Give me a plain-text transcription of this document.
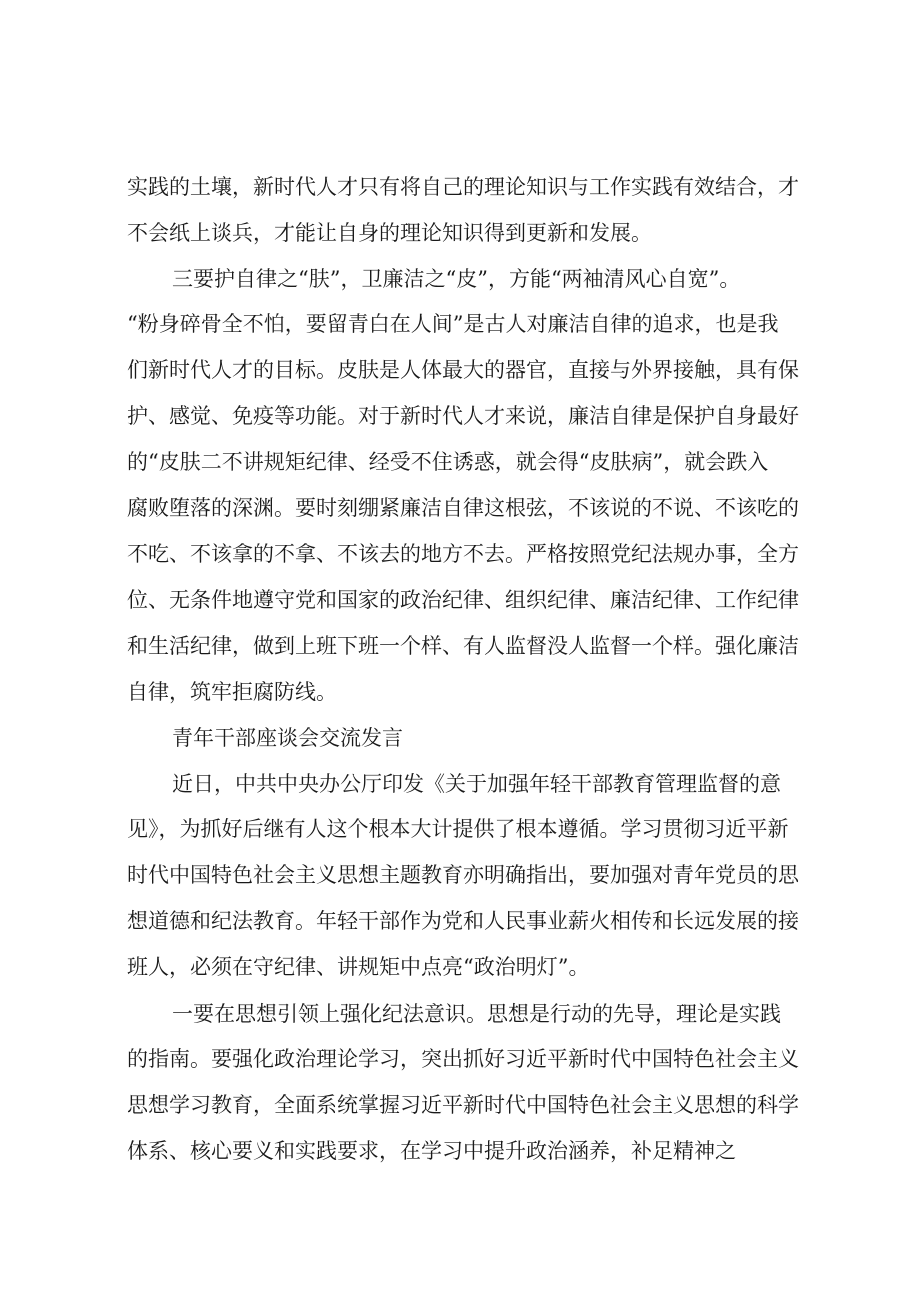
实践的土壤，新时代人才只有将自己的理论知识与工作实践有效结合，才
不会纸上谈兵，才能让自身的理论知识得到更新和发展。
三要护自律之“肤”，卫廉洁之“皮”，方能“两袖清风心自宽”。
“粉身碎骨全不怕，要留青白在人间”是古人对廉洁自律的追求，也是我
们新时代人才的目标。皮肤是人体最大的器官，直接与外界接触，具有保
护、感觉、免疫等功能。对于新时代人才来说，廉洁自律是保护自身最好
的“皮肤二不讲规矩纪律、经受不住诱惑，就会得“皮肤病”，就会跌入
腐败堕落的深渊。要时刻绷紧廉洁自律这根弦，不该说的不说、不该吃的
不吃、不该拿的不拿、不该去的地方不去。严格按照党纪法规办事，全方
位、无条件地遵守党和国家的政治纪律、组织纪律、廉洁纪律、工作纪律
和生活纪律，做到上班下班一个样、有人监督没人监督一个样。强化廉洁
自律，筑牢拒腐防线。
青年干部座谈会交流发言
近日，中共中央办公厅印发《关于加强年轻干部教育管理监督的意
见》，为抓好后继有人这个根本大计提供了根本遵循。学习贯彻习近平新
时代中国特色社会主义思想主题教育亦明确指出，要加强对青年党员的思
想道德和纪法教育。年轻干部作为党和人民事业薪火相传和长远发展的接
班人，必须在守纪律、讲规矩中点亮“政治明灯”。
一要在思想引领上强化纪法意识。思想是行动的先导，理论是实践
的指南。要强化政治理论学习，突出抓好习近平新时代中国特色社会主义
思想学习教育，全面系统掌握习近平新时代中国特色社会主义思想的科学
体系、核心要义和实践要求，在学习中提升政治涵养，补足精神之
